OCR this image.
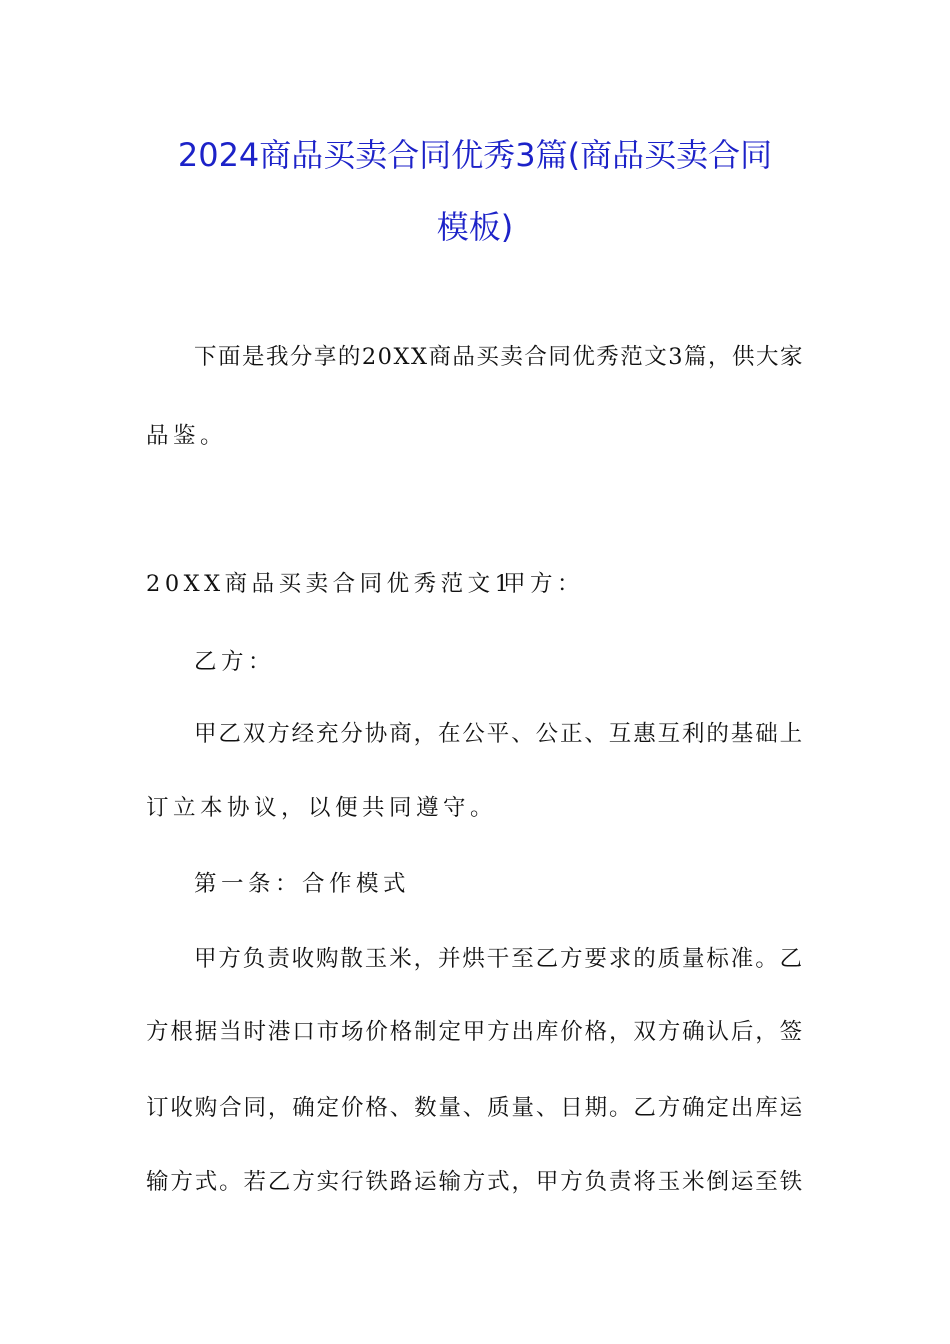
2024商品买卖合同优秀3篇(商品买卖合同
模板)
下面是我分享的20XX商品买卖合同优秀范文3篇，供大家
品鉴。
20XX商品买卖合同优秀范文1
甲方：
乙方：
甲乙双方经充分协商，在公平、公正、互惠互利的基础上
订立本协议，以便共同遵守。
第一条：合作模式
甲方负责收购散玉米，并烘干至乙方要求的质量标准。乙
方根据当时港口市场价格制定甲方出库价格，双方确认后，签
订收购合同，确定价格、数量、质量、日期。乙方确定出库运
输方式。若乙方实行铁路运输方式，甲方负责将玉米倒运至铁
